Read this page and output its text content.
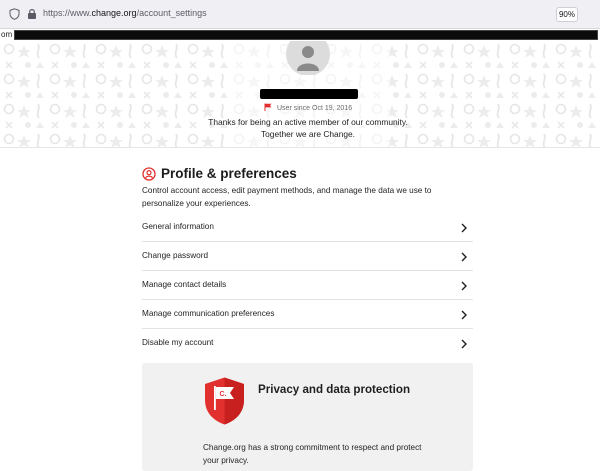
https://www.change.org/account_settings	90%
om
User since Oct 19, 2016
Thanks for being an active member of our community. Together we are Change.
Profile & preferences
Control account access, edit payment methods, and manage the data we use to personalize your experiences.
General information
Change password
Manage contact details
Manage communication preferences
Disable my account
C.	Privacy and data protection
Change.org has a strong commitment to respect and protect your privacy.
